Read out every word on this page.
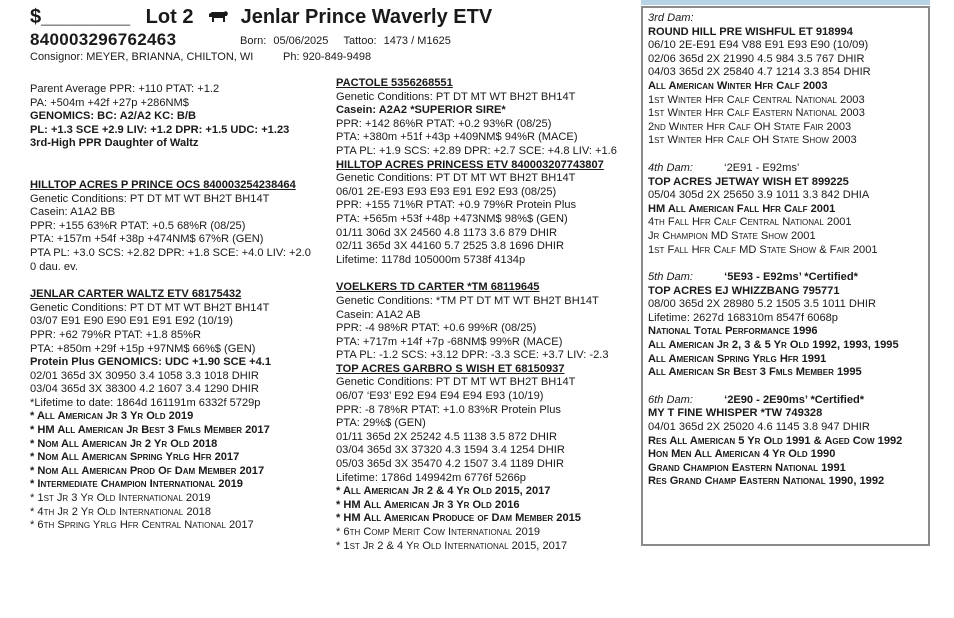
$________ Lot 2 Jenlar Prince Waverly ETV
840003296762463	Born: 05/06/2025 Tattoo: 1473 / M1625
Consignor: MEYER, BRIANNA, CHILTON, WI	Ph: 920-849-9498
Parent Average PPR: +110 PTAT: +1.2
PA: +504m +42f +27p +286NM$
GENOMICS: BC: A2/A2 KC: B/B
PL: +1.3 SCE +2.9 LIV: +1.2 DPR: +1.5 UDC: +1.23
3rd-High PPR Daughter of Waltz
HILLTOP ACRES P PRINCE OCS 840003254238464
Genetic Conditions: PT DT MT WT BH2T BH14T
Casein: A1A2 BB
PPR: +155 63%R PTAT: +0.5 68%R (08/25)
PTA: +157m +54f +38p +474NM$ 67%R (GEN)
PTA PL: +3.0 SCS: +2.82 DPR: +1.8 SCE: +4.0 LIV: +2.0
0 dau. ev.
JENLAR CARTER WALTZ ETV 68175432
Genetic Conditions: PT DT MT WT BH2T BH14T
03/07 E91 E90 E90 E91 E91 E92 (10/19)
PPR: +62 79%R PTAT: +1.8 85%R
PTA: +850m +29f +15p +97NM$ 66%$ (GEN)
Protein Plus GENOMICS: UDC +1.90 SCE +4.1
02/01 365d 3X 30950 3.4 1058 3.3 1018 DHIR
03/04 365d 3X 38300 4.2 1607 3.4 1290 DHIR
*Lifetime to date: 1864d 161191m 6332f 5729p
* All American Jr 3 Yr Old 2019
* HM All American Jr Best 3 Fmls Member 2017
* Nom All American Jr 2 Yr Old 2018
* Nom All American Spring Yrlg Hfr 2017
* Nom All American Prod Of Dam Member 2017
* Intermediate Champion International 2019
* 1st Jr 3 Yr Old International 2019
* 4th Jr 2 Yr Old International 2018
* 6th Spring Yrlg Hfr Central National 2017
PACTOLE 5356268551
Genetic Conditions: PT DT MT WT BH2T BH14T
Casein: A2A2 *SUPERIOR SIRE*
PPR: +142 86%R PTAT: +0.2 93%R (08/25)
PTA: +380m +51f +43p +409NM$ 94%R (MACE)
PTA PL: +1.9 SCS: +2.89 DPR: +2.7 SCE: +4.8 LIV: +1.6
HILLTOP ACRES PRINCESS ETV 840003207743807
Genetic Conditions: PT DT MT WT BH2T BH14T
06/01 2E-E93 E93 E93 E91 E92 E93 (08/25)
PPR: +155 71%R PTAT: +0.9 79%R Protein Plus
PTA: +565m +53f +48p +473NM$ 98%$ (GEN)
01/11 306d 3X 24560 4.8 1173 3.6 879 DHIR
02/11 365d 3X 44160 5.7 2525 3.8 1696 DHIR
Lifetime: 1178d 105000m 5738f 4134p
VOELKERS TD CARTER *TM 68119645
Genetic Conditions: *TM PT DT MT WT BH2T BH14T
Casein: A1A2 AB
PPR: -4 98%R PTAT: +0.6 99%R (08/25)
PTA: +717m +14f +7p -68NM$ 99%R (MACE)
PTA PL: -1.2 SCS: +3.12 DPR: -3.3 SCE: +3.7 LIV: -2.3
TOP ACRES GARBRO S WISH ET 68150937
Genetic Conditions: PT DT MT WT BH2T BH14T
06/07 ‘E93’ E92 E94 E94 E94 E93 (10/19)
PPR: -8 78%R PTAT: +1.0 83%R Protein Plus
PTA: 29%$ (GEN)
01/11 365d 2X 25242 4.5 1138 3.5 872 DHIR
03/04 365d 3X 37320 4.3 1594 3.4 1254 DHIR
05/03 365d 3X 35470 4.2 1507 3.4 1189 DHIR
Lifetime: 1786d 149942m 6776f 5266p
* All American Jr 2 & 4 Yr Old 2015, 2017
* HM All American Jr 3 Yr Old 2016
* HM All American Produce of Dam Member 2015
* 6th Comp Merit Cow International 2019
* 1st Jr 2 & 4 Yr Old International 2015, 2017
3rd Dam:
ROUND HILL PRE WISHFUL ET 918994
06/10 2E-E91 E94 V88 E91 E93 E90 (10/09)
02/06 365d 2X 21990 4.5 984 3.5 767 DHIR
04/03 365d 2X 25840 4.7 1214 3.3 854 DHIR
All American Winter Hfr Calf 2003
1st Winter Hfr Calf Central National 2003
1st Winter Hfr Calf Eastern National 2003
2nd Winter Hfr Calf OH State Fair 2003
1st Winter Hfr Calf OH State Show 2003
4th Dam:	‘2E91 - E92ms’
TOP ACRES JETWAY WISH ET 899225
05/04 305d 2X 25650 3.9 1011 3.3 842 DHIA
HM All American Fall Hfr Calf 2001
4th Fall Hfr Calf Central National 2001
Jr Champion MD State Show 2001
1st Fall Hfr Calf MD State Show & Fair 2001
5th Dam:	‘5E93 - E92ms’ *Certified*
TOP ACRES EJ WHIZZBANG 795771
08/00 365d 2X 28980 5.2 1505 3.5 1011 DHIR
Lifetime: 2627d 168310m 8547f 6068p
National Total Performance 1996
All American Jr 2, 3 & 5 Yr Old 1992, 1993, 1995
All American Spring Yrlg Hfr 1991
All American Sr Best 3 Fmls Member 1995
6th Dam:	‘2E90 - 2E90ms’ *Certified*
MY T FINE WHISPER *TW 749328
04/01 365d 2X 25020 4.6 1145 3.8 947 DHIR
Res All American 5 Yr Old 1991 & Aged Cow 1992
Hon Men All American 4 Yr Old 1990
Grand Champion Eastern National 1991
Res Grand Champ Eastern National 1990, 1992
